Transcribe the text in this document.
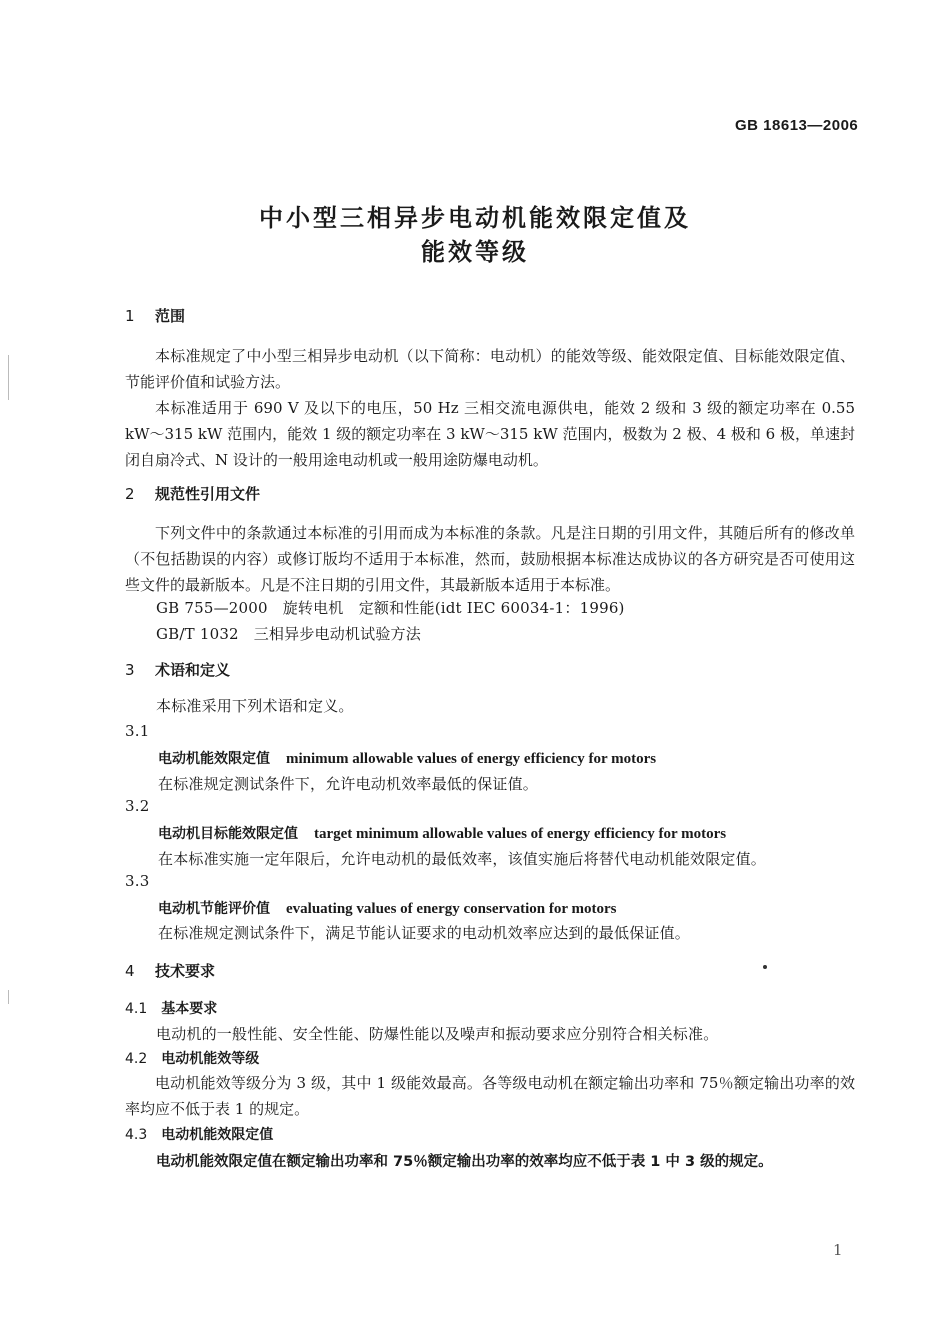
GB 18613—2006
中小型三相异步电动机能效限定值及
能效等级
1 范围
本标准规定了中小型三相异步电动机（以下简称：电动机）的能效等级、能效限定值、目标能效限定值、节能评价值和试验方法。
本标准适用于 690 V 及以下的电压，50 Hz 三相交流电源供电，能效 2 级和 3 级的额定功率在 0.55 kW～315 kW 范围内，能效 1 级的额定功率在 3 kW～315 kW 范围内，极数为 2 极、4 极和 6 极，单速封闭自扇冷式、N 设计的一般用途电动机或一般用途防爆电动机。
2 规范性引用文件
下列文件中的条款通过本标准的引用而成为本标准的条款。凡是注日期的引用文件，其随后所有的修改单（不包括勘误的内容）或修订版均不适用于本标准，然而，鼓励根据本标准达成协议的各方研究是否可使用这些文件的最新版本。凡是不注日期的引用文件，其最新版本适用于本标准。
GB 755—2000 旋转电机　定额和性能(idt IEC 60034-1：1996)
GB/T 1032 三相异步电动机试验方法
3 术语和定义
本标准采用下列术语和定义。
3.1
电动机能效限定值 minimum allowable values of energy efficiency for motors
在标准规定测试条件下，允许电动机效率最低的保证值。
3.2
电动机目标能效限定值 target minimum allowable values of energy efficiency for motors
在本标准实施一定年限后，允许电动机的最低效率，该值实施后将替代电动机能效限定值。
3.3
电动机节能评价值 evaluating values of energy conservation for motors
在标准规定测试条件下，满足节能认证要求的电动机效率应达到的最低保证值。
4 技术要求
4.1 基本要求
电动机的一般性能、安全性能、防爆性能以及噪声和振动要求应分别符合相关标准。
4.2 电动机能效等级
电动机能效等级分为 3 级，其中 1 级能效最高。各等级电动机在额定输出功率和 75％额定输出功率的效率均应不低于表 1 的规定。
4.3 电动机能效限定值
电动机能效限定值在额定输出功率和 75％额定输出功率的效率均应不低于表 1 中 3 级的规定。
1
